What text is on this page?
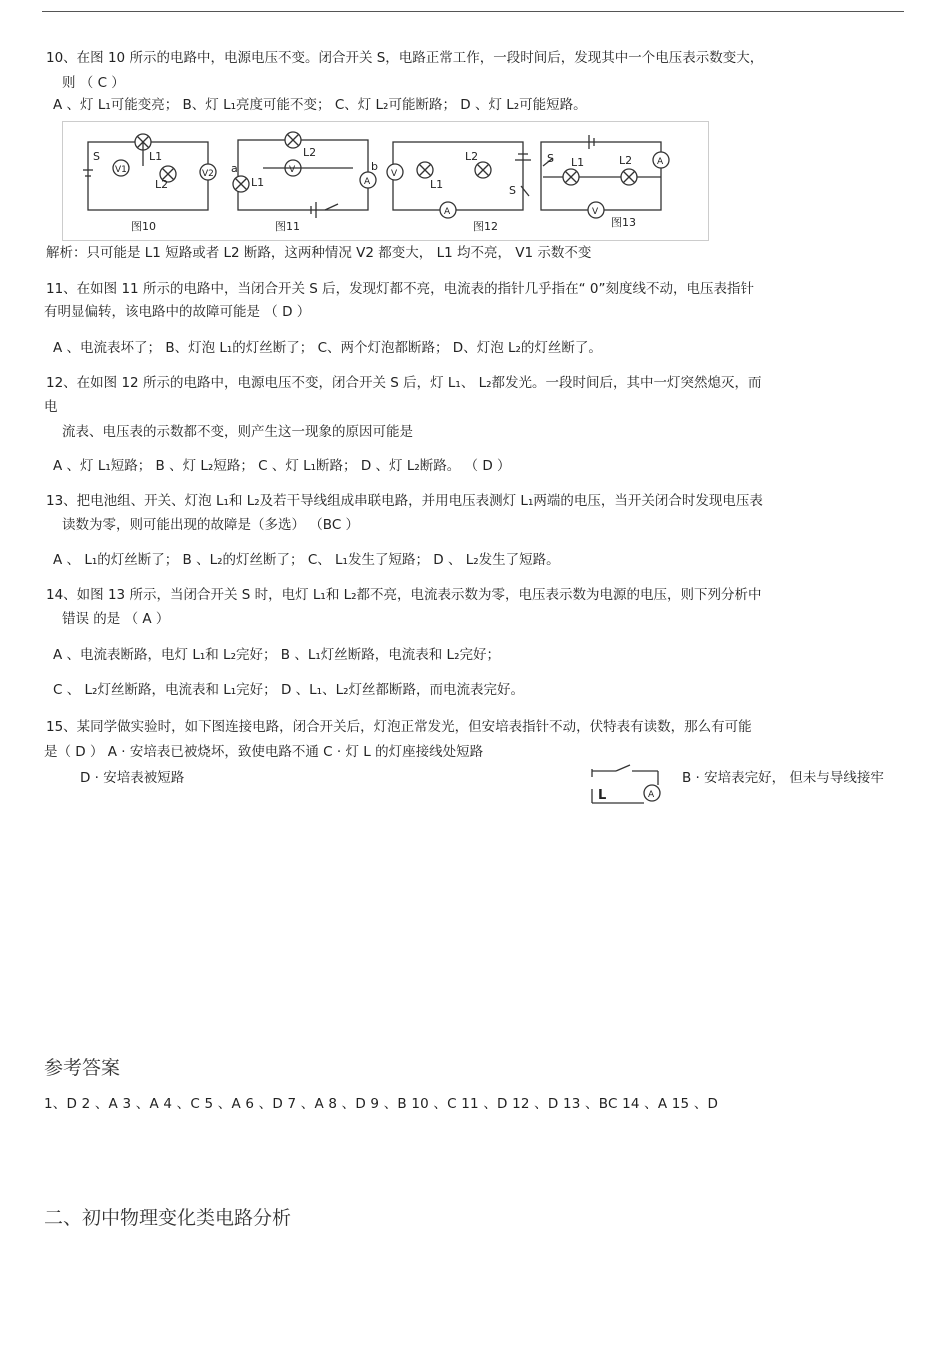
10、在图 10 所示的电路中，电源电压不变。闭合开关 S，电路正常工作，一段时间后，发现其中一个电压表示数变大，
则 （ C ）
A 、灯 L₁可能变亮； B、灯 L₁亮度可能不变； C、灯 L₂可能断路； D 、灯 L₂可能短路。
S
V1
L1
L2
V2
图10
L2
V
a
L1
b
A
图11
V
L1
L2
A
S
图12
S L1	L2	A
V
图13
解析：只可能是 L1 短路或者 L2 断路，这两种情况 V2 都变大， L1 均不亮， V1 示数不变
11、在如图 11 所示的电路中，当闭合开关 S 后，发现灯都不亮，电流表的指针几乎指在“ 0”刻度线不动，电压表指针
有明显偏转，该电路中的故障可能是 （ D ）
A 、电流表坏了； B、灯泡 L₁的灯丝断了； C、两个灯泡都断路； D、灯泡 L₂的灯丝断了。
12、在如图 12 所示的电路中，电源电压不变，闭合开关 S 后，灯 L₁、 L₂都发光。一段时间后，其中一灯突然熄灭，而
电
流表、电压表的示数都不变，则产生这一现象的原因可能是
A 、灯 L₁短路； B 、灯 L₂短路； C 、灯 L₁断路； D 、灯 L₂断路。 （ D ）
13、把电池组、开关、灯泡 L₁和 L₂及若干导线组成串联电路，并用电压表测灯 L₁两端的电压，当开关闭合时发现电压表
读数为零，则可能出现的故障是（多选） （BC ）
A 、 L₁的灯丝断了； B 、L₂的灯丝断了； C、 L₁发生了短路； D 、 L₂发生了短路。
14、如图 13 所示，当闭合开关 S 时，电灯 L₁和 L₂都不亮，电流表示数为零，电压表示数为电源的电压，则下列分析中
错误 的是 （ A ）
A 、电流表断路，电灯 L₁和 L₂完好； B 、L₁灯丝断路，电流表和 L₂完好；
C 、 L₂灯丝断路，电流表和 L₁完好； D 、L₁、L₂灯丝都断路，而电流表完好。
15、某同学做实验时，如下图连接电路，闭合开关后，灯泡正常发光，但安培表指针不动，伏特表有读数，那么有可能
是（ D ） A · 安培表已被烧坏，致使电路不通 C · 灯 L 的灯座接线处短路
B · 安培表完好， 但未与导线接牢
D · 安培表被短路
L	A
参考答案
1、D 2 、A 3 、A 4 、C 5 、A 6 、D 7 、A 8 、D 9 、B 10 、C 11 、D 12 、D 13 、BC 14 、A 15 、D
二、初中物理变化类电路分析
